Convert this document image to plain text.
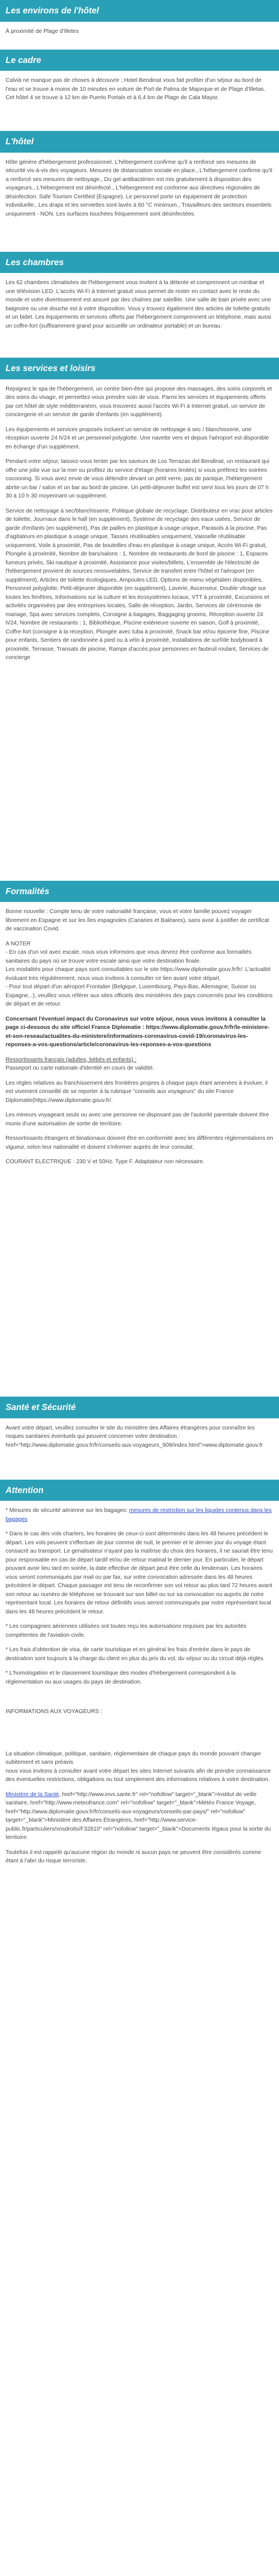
Les environs de l'hôtel

À proximité de Plage d'Illetes

Le cadre

Calvià ne manque pas de choses à découvrir ; Hotel Bendinat vous fait profiter d'un séjour au bord de l'eau et se trouve à moins de 10 minutes en voiture de Port de Palma de Majorque et de Plage d'Illetas. Cet hôtel 4 se trouve à 12 km de Puerto Portals et à 6,4 km de Plage de Cala Mayor.

L'hôtel

Hôte génère d'hébergement professionnel. L'hébergement confirme qu'il a renforcé ses mesures de sécurité vis-à-vis des voyageurs. Mesures de distanciation sociale en place., L'hébergement confirme qu'il a renforcé ses mesures de nettoyage., Du gel antibactérien est mis gratuitement à disposition des voyageurs., L'hébergement est désinfecté., L'hébergement est conforme aux directives régionales de désinfection. Safe Tourism Certified (Espagne). Le personnel porte un équipement de protection individuelle., Les draps et les serviettes sont lavés à 60 °C minimum., Travailleurs des secteurs essentiels uniquement - NON. Les surfaces touchées fréquemment sont désinfectées.

Les chambres

Les 62 chambres climatisées de l'hébergement vous invitent à la détente et comprennent un minibar et une télévision LED. L'accès Wi-Fi à Internet gratuit vous permet de rester en contact avec le reste du monde et votre divertissement est assuré par des chaînes par satellite. Une salle de bain privée avec une baignoire ou une douche est à votre disposition. Vous y trouvez également des articles de toilette gratuits et un bidet. Les équipements et services offerts par l'hébergement comprennent un téléphone, mais aussi un coffre-fort (suffisamment grand pour accueillir un ordinateur portable) et un bureau.

Les services et loisirs

Rejoignez le spa de l'hébergement, un centre bien-être qui propose des massages, des soins corporels et des soins du visage, et permettez-vous prendre soin de vous. Parmi les services et équipements offerts par cet hôtel de style méditerranéen, vous trouverez aussi l'accès Wi-Fi à Internet gratuit, un service de conciergerie et un service de garde d'enfants (en supplément).

Les équipements et services proposés incluent un service de nettoyage à sec / blanchisserie, une réception ouverte 24 h/24 et un personnel polyglotte. Une navette vers et depuis l'aéroport est disponible en échange d'un supplément.

Pendant votre séjour, laissez-vous tenter par les saveurs de Los Terrazas del Bendinat, un restaurant qui offre une jolie vue sur la mer ou profitez du service d'étage (horaires limités) si vous préférez les soirées cocooning. Si vous avez envie de vous détendre devant un petit verre, pas de panique, l'hébergement abrite un bar / salon et un bar au bord de piscine. Un petit-déjeuner buffet est servi tous les jours de 07 h 30 à 10 h 30 moyennant un supplément.

Service de nettoyage à sec/blanchisserie, Politique globale de recyclage, Distributeur en vrac pour articles de toilette, Journaux dans le hall (en supplément), Système de recyclage des eaux usées, Service de garde d'enfants (en supplément), Pas de pailles en plastique à usage unique, Parasols à la piscine, Pas d'agitateurs en plastique à usage unique, Tasses réutilisables uniquement, Vaisselle réutilisable uniquement, Voile à proximité, Pas de bouteilles d'eau en plastique à usage unique, Accès Wi-Fi gratuit, Plongée à proximité, Nombre de bars/salons : 1, Nombre de restaurants de bord de piscine : 1, Espaces fumeurs privés, Ski nautique à proximité, Assistance pour visites/billets, L'ensemble de l'électricité de l'hébergement provient de sources renouvelables, Service de transfert entre l'hôtel et l'aéroport (en supplément), Articles de toilette écologiques, Ampoules LED, Options de menu végétalien disponibles, Personnel polyglotte, Petit-déjeuner disponible (en supplément), Laverie, Ascenseur, Double vitrage sur toutes les fenêtres, Informations sur la culture et les écosystèmes locaux, VTT à proximité, Excursions et activités organisées par des entreprises locales, Salle de réception, Jardin, Services de cérémonie de mariage, Spa avec services complets, Consigne à bagages, Baggaging grooms, Réception ouverte 24 h/24, Nombre de restaurants : 1, Bibliothèque, Piscine extérieure ouverte en saison, Golf à proximité, Coffre-fort (consigne à la réception, Plongée avec tuba à proximité, Snack bar et/ou épicerie fine, Piscine pour enfants, Sentiers de randonnée à pied ou à vélo à proximité, Installations de surf/de bodyboard à proximité, Terrasse, Transats de piscine, Rampe d'accès pour personnes en fauteuil roulant, Services de concierge

Formalités

Bonne nouvelle : Compte tenu de votre nationalité française, vous et votre famille pouvez voyager librement en Espagne et sur les îles espagnoles (Canaries et Baléares), sans avoir à justifier de certificat de vaccination Covid.

A NOTER

- En cas d'un vol avec escale, nous vous informons que vous devrez être conforme aux formalités sanitaires du pays où se trouve votre escale ainsi que votre destination finale.

Les modalités pour chaque pays sont consultables sur le site https://www.diplomatie.gouv.fr/fr/. L'actualité évoluant très régulièrement, nous vous invitons à consulter ce lien avant votre départ.

- Pour tout départ d'un aéroport Frontalier (Belgique, Luxembourg, Pays-Bas, Allemagne, Suisse ou Espagne...), veuillez vous référer aux sites officiels des ministères des pays concernés pour les conditions de départ et de retour.

Concernant l'éventuel impact du Coronavirus sur votre séjour, nous vous invitons à consulter la page ci-dessous du site officiel France Diplomatie : https://www.diplomatie.gouv.fr/fr/le-ministere-et-son-reseau/actualites-du-ministere/informations-coronavirus-covid-19/coronavirus-les-reponses-a-vos-questions/article/coronavirus-les-reponses-a-vos-questions

Ressortissants français (adultes, bébés et enfants) :

Passeport ou carte nationale d'identité en cours de validité.

Les règles relatives au franchissement des frontières propres à chaque pays étant amenées à évoluer, il est vivement conseillé de se reporter à la rubrique "conseils aux voyageurs" du site France Diplomatie(https://www.diplomatie.gouv.fr/.

Les mineurs voyageant seuls ou avec une personne ne disposant pas de l'autorité parentale doivent être munis d'une autorisation de sortie de territoire.

Ressortissants étrangers et binationaux doivent être en conformité avec les différentes réglementations en vigueur, selon leur nationalité et doivent s'informer auprès de leur consulat.

COURANT ELECTRIQUE : 230 V et 50Hz. Type F. Adaptateur non nécessaire.

Santé et Sécurité

Avant votre départ, veuillez consulter le site du ministère des Affaires étrangères pour connaître les risques sanitaires éventuels qui peuvent concerner votre destination : href="http://www.diplomatie.gouv.fr/fr/conseils-aux-voyageurs_909/index.html">www.diplomatie.gouv.fr

Attention

* Mesures de sécurité aérienne sur les bagages: mesures de restriction sur les liquides contenus dans les bagages

* Dans le cas des vols charters, les horaires de ceux-ci sont déterminés dans les 48 heures précédent le départ. Les vols peuvent s'effectuer de jour comme de nuit, le premier et le dernier jour du voyage étant consacré au transport. Le genalisateur n'ayant pas la maîtrise du choix des horaires, il ne saurait être tenu pour responsable en cas de départ tardif et/ou de retour matinal le dernier jour. En particulier, le départ pouvant avoir lieu tard en soirée, la date effective de départ peut être celle du lendemain. Les horaires vous seront communiqués par mail ou par fax, sur votre convocation adressée dans les 48 heures précédent le départ. Chaque passager est tenu de reconfirmer son vol retour au plus tard 72 heures avant son retour au numéro de téléphone se trouvant sur son billet ou sur sa convocation ou auprès de notre représentant local. Les horaires de retour définitifs vous seront communiqués par notre représentant local dans les 48 heures précédent le retour.

* Les compagnies aériennes utilisées ont toutes reçu les autorisations requises par les autorités compétentes de l'aviation civile.

* Les frais d'obtention de visa, de carte touristique et en général les frais d'entrée dans le pays de destination sont toujours à la charge du client en plus du prix du vol, du séjour ou du circuit déjà réglés.

* L'homologation et le classement touristique des modes d'hébergement correspondent à la réglementation ou aux usages du pays de destination.

INFORMATIONS AUX VOYAGEURS :

La situation climatique, politique, sanitaire, réglementaire de chaque pays du monde pouvant changer subitement et sans préavis

nous vous invitons à consulter avant votre départ les sites Internet suivants afin de prendre connaissance des éventuelles restrictions, obligations ou tout simplement des informations relatives à votre destination.

Ministère de la Santé, href="http://www.invs.sante.fr" rel="nofollow" target="_blank">Institut de veille sanitaire, href="http://www.meteofrance.com" rel="nofollow" target="_blank">Météo France Voyage, href="http://www.diplomatie.gouv.fr/fr/conseils-aux-voyageurs/conseils-par-pays/" rel="nofollow" target="_blank">Ministère des Affaires Étrangères, href="http://www.service-public.fr/particuliers/vosdroits/F32810" rel="nofollow" target="_blank">Documents légaux pour la sortie du territoire.

Toutefois il est rappelé qu'aucune région du monde ni aucun pays ne peuvent être considérés comme étant à l'abri du risque terroriste.
